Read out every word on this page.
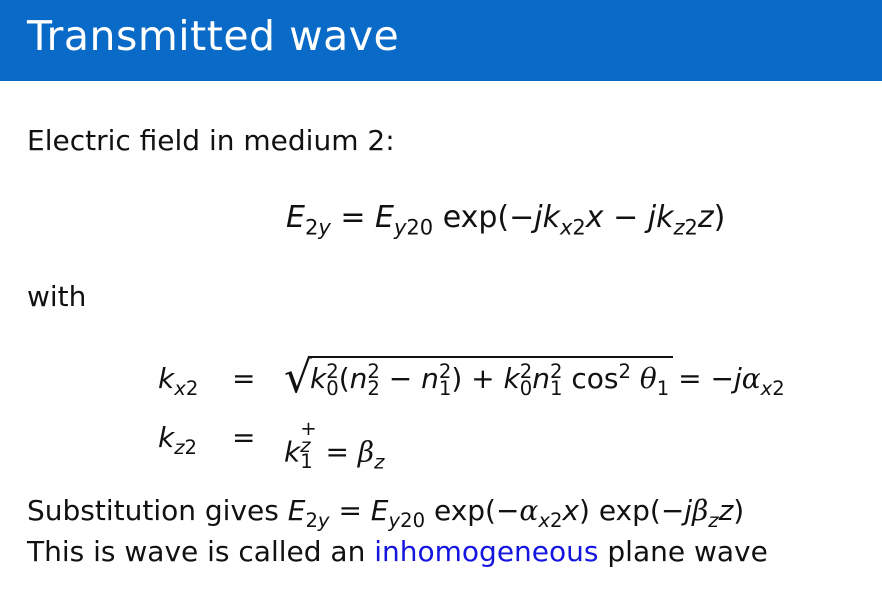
Transmitted wave
Electric field in medium 2:
$E_{2y} = E_{y20}$ $\exp(-jk_{x2}x - jk_{z2}z)$
with
$k_{x2}$ = √
k 2
0 (n 2
2 − n 2
1 ) + k 2
0 n 2
1 $\cos^2 \theta_1 = -j\alpha_{x2}$
$k_{z2} = k$
+
z
$1 = \beta_z$
Substitution gives $E_{2y} = E_{y20}$ $\exp(-\alpha_{x2}x)$ $\exp(-j\beta_zz)$
This is wave is called an inhomogeneous plane wave
